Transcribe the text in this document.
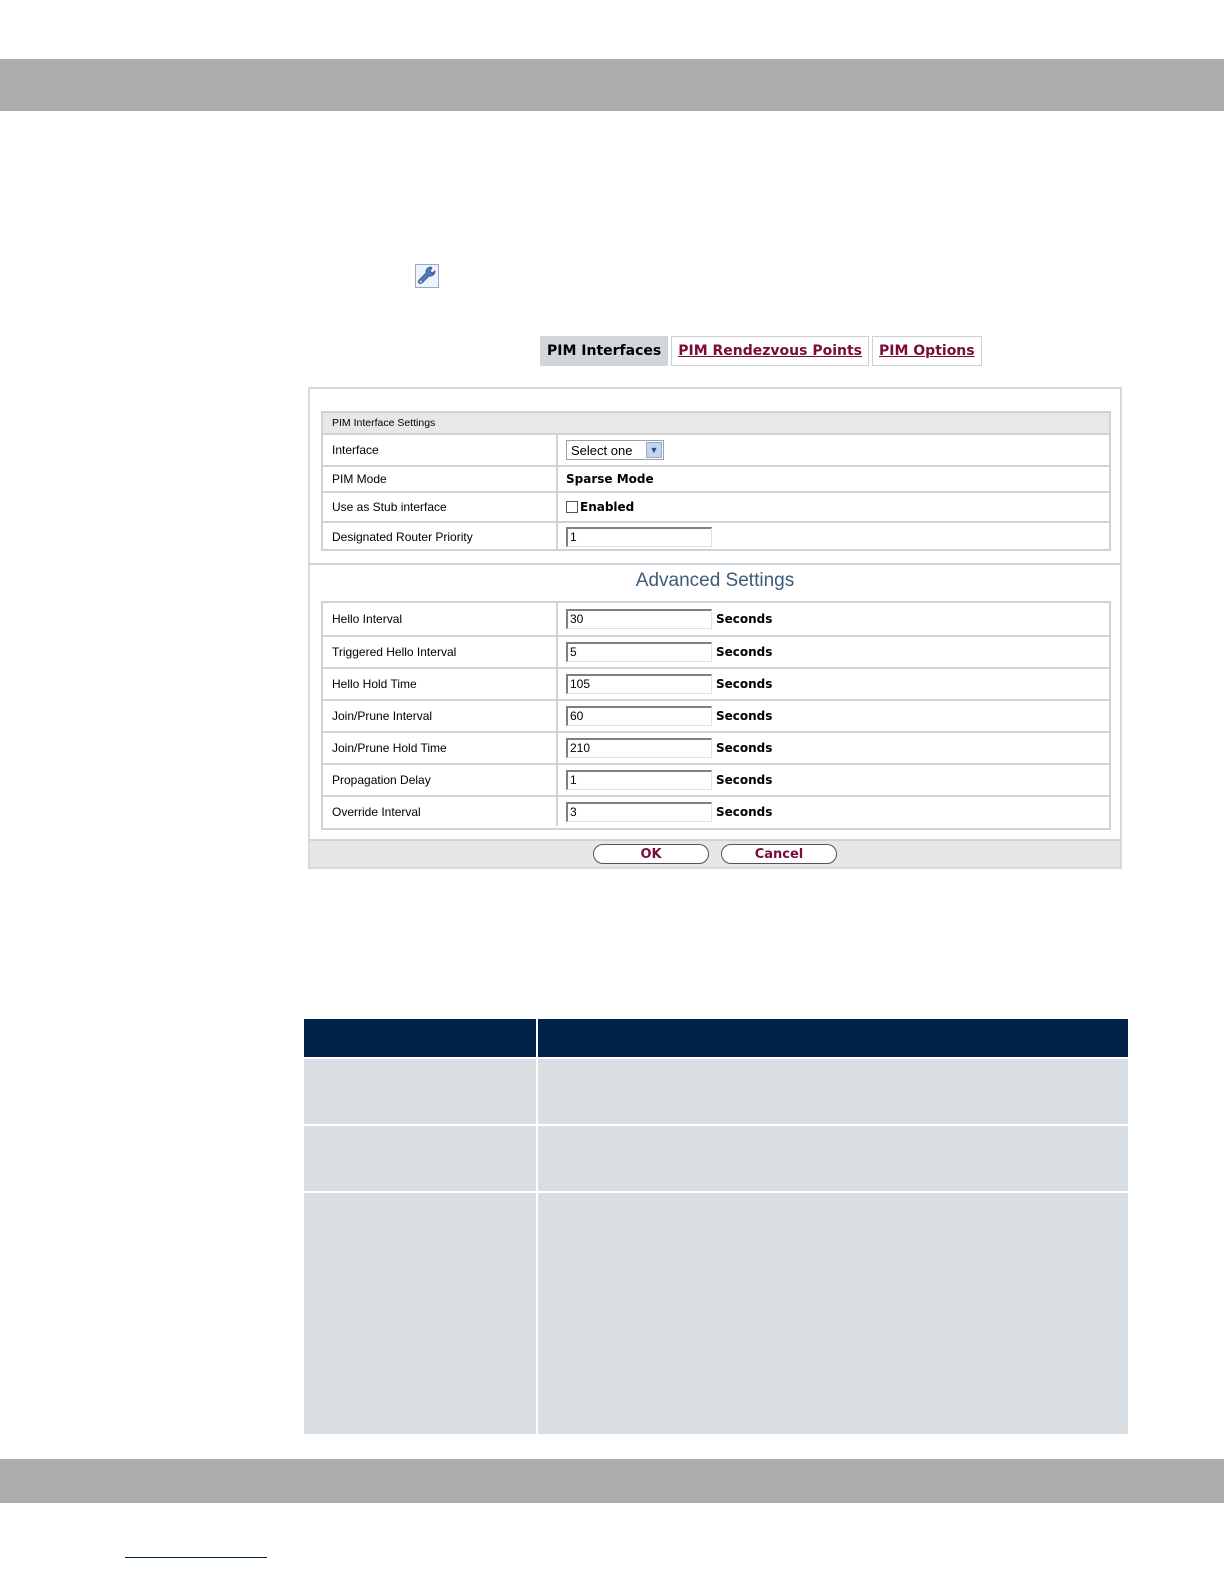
PIM Interfaces	PIM Rendezvous Points	PIM Options
PIM Interface Settings
Interface	Select one	▼
PIM Mode	Sparse Mode
Use as Stub interface	Enabled
Designated Router Priority	1
Advanced Settings
Hello Interval	30	Seconds
Triggered Hello Interval	5	Seconds
Hello Hold Time	105	Seconds
Join/Prune Interval	60	Seconds
Join/Prune Hold Time	210	Seconds
Propagation Delay	1	Seconds
Override Interval	3	Seconds
OK	Cancel
